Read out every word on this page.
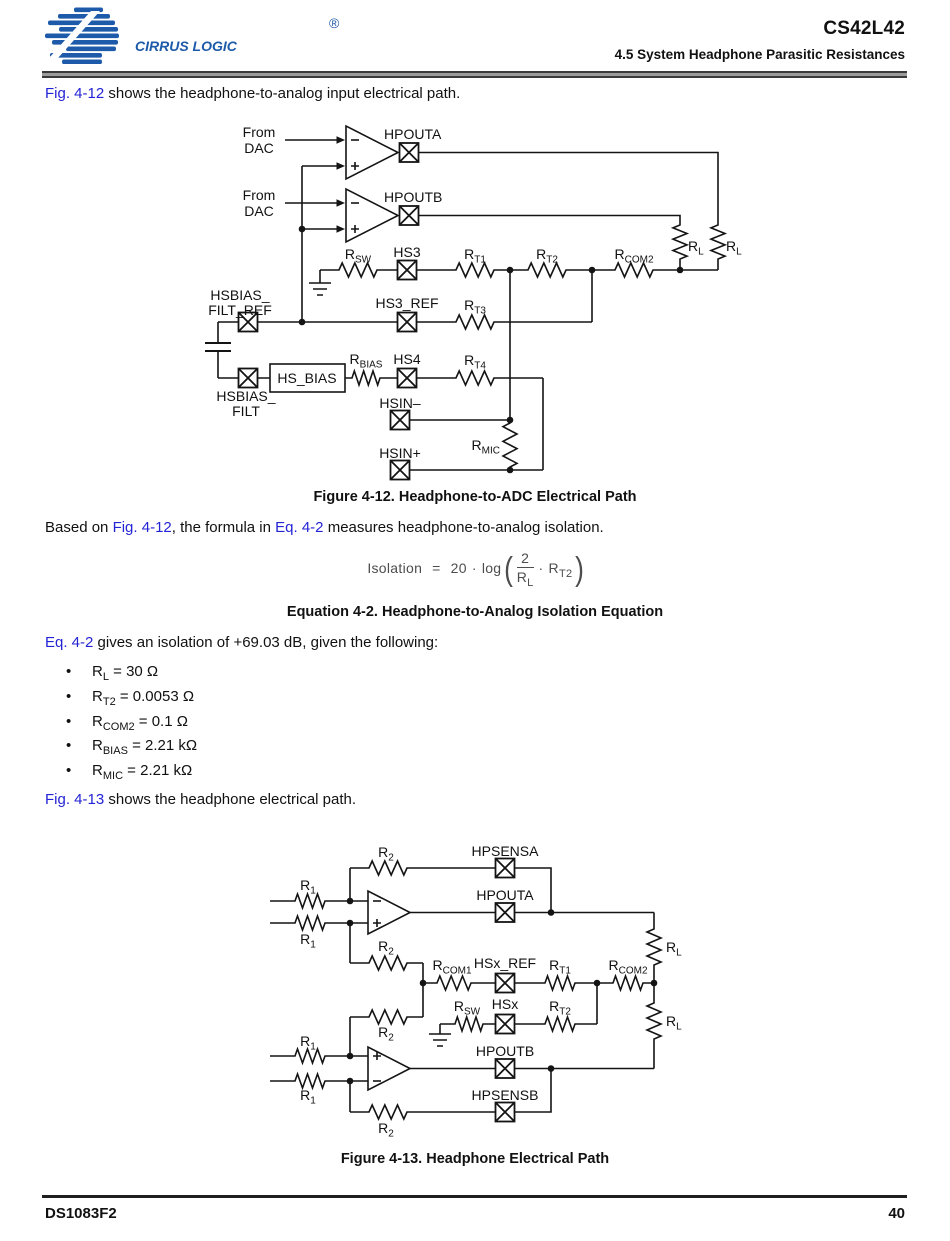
CIRRUS LOGIC
®	CS42L42
4.5 System Headphone Parasitic Resistances
Fig. 4-12 shows the headphone-to-analog input electrical path.
From
DAC
From
DAC
HPOUTA
HPOUTB
$R_L$ $R_L$
$R_{SW}$ HS3	$R_{T1}$	$R_{T2}$	$R_{COM2}$
HSBIAS_
FILT_REF	HS3_REF $R_{T3}$
HSBIAS_
FILT
HS_BIAS
$R_{BIAS}$ HS4	$R_{T4}$
HSIN–
$R_{MIC}$
HSIN+
Figure 4-12. Headphone-to-ADC Electrical Path
Based on Fig. 4-12, the formula in Eq. 4-2 measures headphone-to-analog isolation.
Isolation = 20 · log ( $\frac{2}{R_L} \cdot R_{T2}$ )
Equation 4-2. Headphone-to-Analog Isolation Equation
Eq. 4-2 gives an isolation of +69.03 dB, given the following:
•	$R_L = 30$ Ω
•	$R_{T2} = 0.0053$ Ω
•	$R_{COM2} = 0.1$ Ω
•	$R_{BIAS} = 2.21$ kΩ
•	$R_{MIC} = 2.21$ kΩ
Fig. 4-13 shows the headphone electrical path.
$R_2$	HPSENSA
$R_1$	HPOUTA
$R_1$	$R_2$
$R_{COM1}$ HSx_REF $R_{T1}$	$R_{COM2}$
$R_L$
$R_{SW}$ HSx $R_{T2}$
$R_L$
$R_2$
$R_1$	HPOUTB
$R_1$	HPSENSB
$R_2$
Figure 4-13. Headphone Electrical Path
DS1083F2	40
